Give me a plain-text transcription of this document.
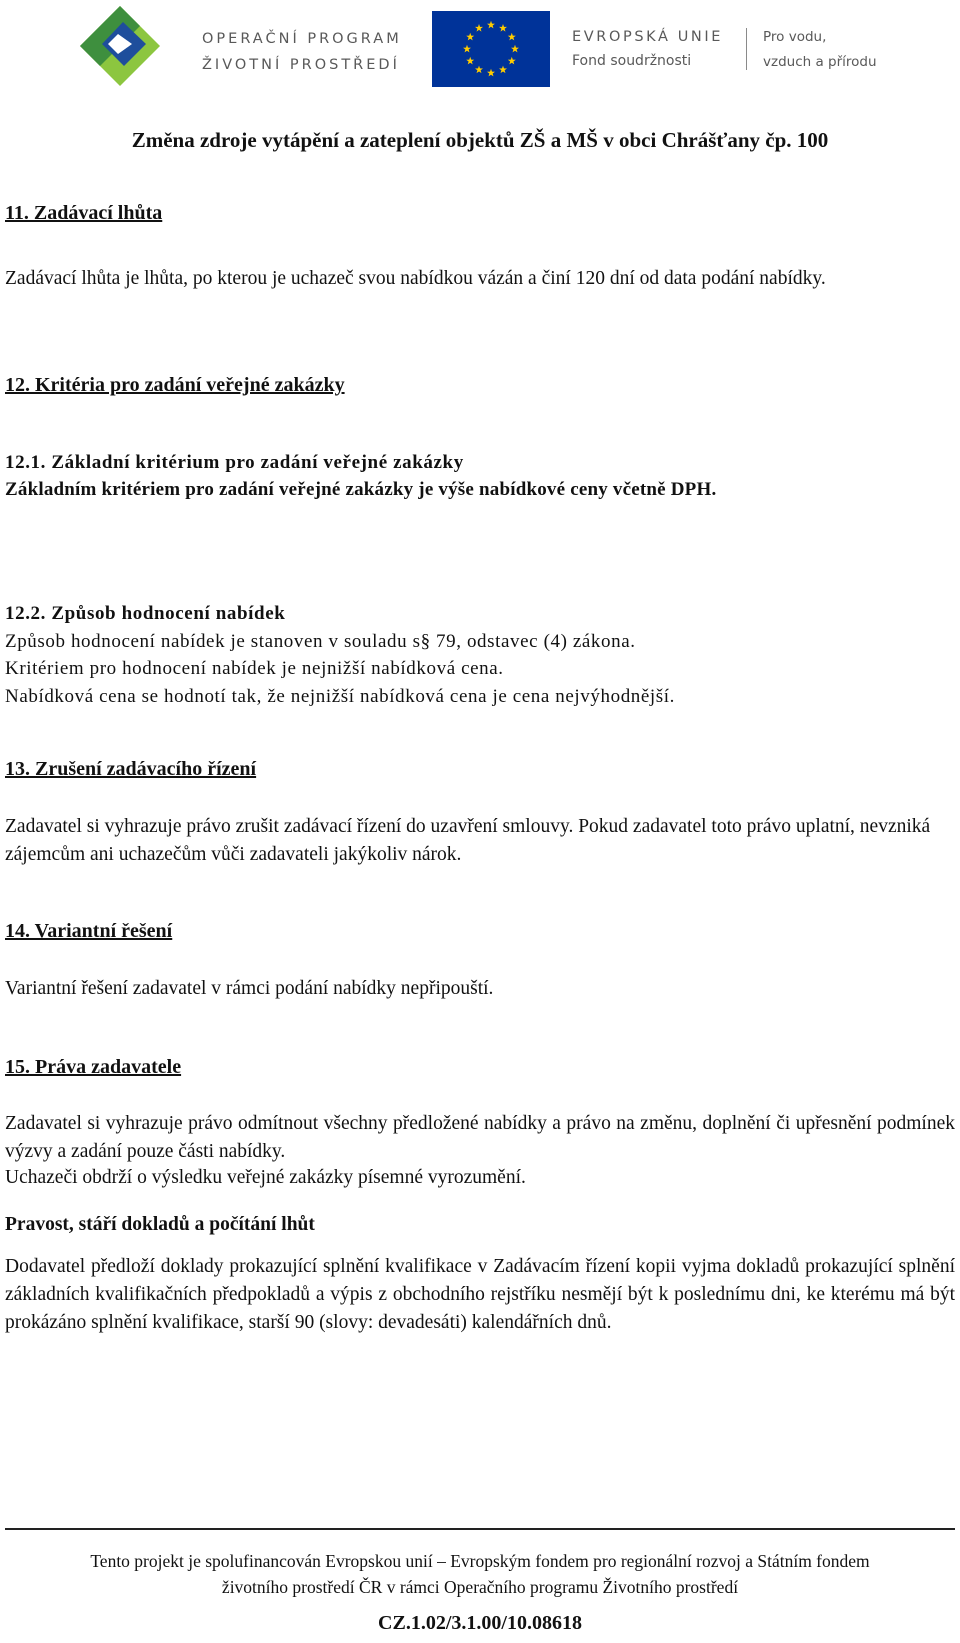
OPERAČNÍ PROGRAM
ŽIVOTNÍ PROSTŘEDÍ
EVROPSKÁ UNIE
Fond soudržnosti
Pro vodu,
vzduch a přírodu
Změna zdroje vytápění a zateplení objektů ZŠ a MŠ v obci Chrášťany čp. 100
11. Zadávací lhůta

Zadávací lhůta je lhůta, po kterou je uchazeč svou nabídkou vázán a činí 120 dní od data podání nabídky.

12. Kritéria pro zadání veřejné zakázky

12.1. Základní kritérium pro zadání veřejné zakázky

Základním kritériem pro zadání veřejné zakázky je výše nabídkové ceny včetně DPH.

12.2. Způsob hodnocení nabídek

Způsob hodnocení nabídek je stanoven v souladu s§ 79, odstavec (4) zákona.

Kritériem pro hodnocení nabídek je nejnižší nabídková cena.

Nabídková cena se hodnotí tak, že nejnižší nabídková cena je cena nejvýhodnější.

13. Zrušení zadávacího řízení

Zadavatel si vyhrazuje právo zrušit zadávací řízení do uzavření smlouvy. Pokud zadavatel toto právo uplatní, nevzniká zájemcům ani uchazečům vůči zadavateli jakýkoliv nárok.

14. Variantní řešení

Variantní řešení zadavatel v rámci podání nabídky nepřipouští.

15. Práva zadavatele

Zadavatel si vyhrazuje právo odmítnout všechny předložené nabídky a právo na změnu, doplnění či upřesnění podmínek výzvy a zadání pouze části nabídky.

Uchazeči obdrží o výsledku veřejné zakázky písemné vyrozumění.

Pravost, stáří dokladů a počítání lhůt

Dodavatel předloží doklady prokazující splnění kvalifikace v Zadávacím řízení kopii vyjma dokladů prokazující splnění základních kvalifikačních předpokladů a výpis z obchodního rejstříku nesmějí být k poslednímu dni, ke kterému má být prokázáno splnění kvalifikace, starší 90 (slovy: devadesáti) kalendářních dnů.

Tento projekt je spolufinancován Evropskou unií – Evropským fondem pro regionální rozvoj a Státním fondem
životního prostředí ČR v rámci Operačního programu Životního prostředí

CZ.1.02/3.1.00/10.08618
